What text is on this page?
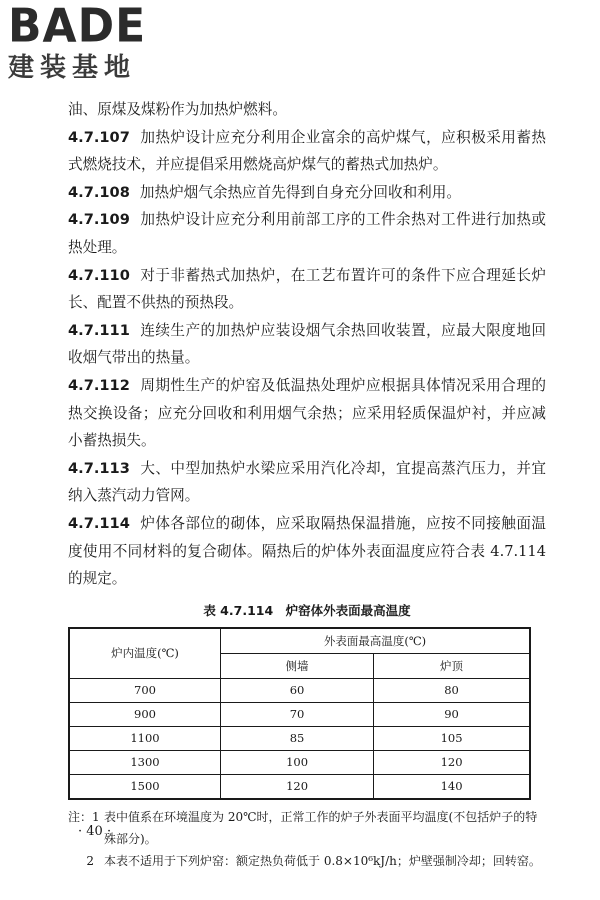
BADE
建装基地

油、原煤及煤粉作为加热炉燃料。

4.7.107 加热炉设计应充分利用企业富余的高炉煤气，应积极采用蓄热式燃烧技术，并应提倡采用燃烧高炉煤气的蓄热式加热炉。

4.7.108 加热炉烟气余热应首先得到自身充分回收和利用。

4.7.109 加热炉设计应充分利用前部工序的工件余热对工件进行加热或热处理。

4.7.110 对于非蓄热式加热炉，在工艺布置许可的条件下应合理延长炉长、配置不供热的预热段。

4.7.111 连续生产的加热炉应装设烟气余热回收装置，应最大限度地回收烟气带出的热量。

4.7.112 周期性生产的炉窑及低温热处理炉应根据具体情况采用合理的热交换设备；应充分回收和利用烟气余热；应采用轻质保温炉衬，并应减小蓄热损失。

4.7.113 大、中型加热炉水梁应采用汽化冷却，宜提高蒸汽压力，并宜纳入蒸汽动力管网。

4.7.114 炉体各部位的砌体，应采取隔热保温措施，应按不同接触面温度使用不同材料的复合砌体。隔热后的炉体外表面温度应符合表 4.7.114 的规定。

表 4.7.114　炉窑体外表面最高温度
炉内温度(℃)	外表面最高温度(℃)	
	侧墙	炉顶
700	60	80
900	70	90
1100	85	105
1300	100	120
1500	120	140
注：1 表中值系在环境温度为 20℃时，正常工作的炉子外表面平均温度(不包括炉子的特殊部分)。
2 本表不适用于下列炉窑：额定热负荷低于 0.8×10⁶kJ/h；炉壁强制冷却；回转窑。
· 40 ·
